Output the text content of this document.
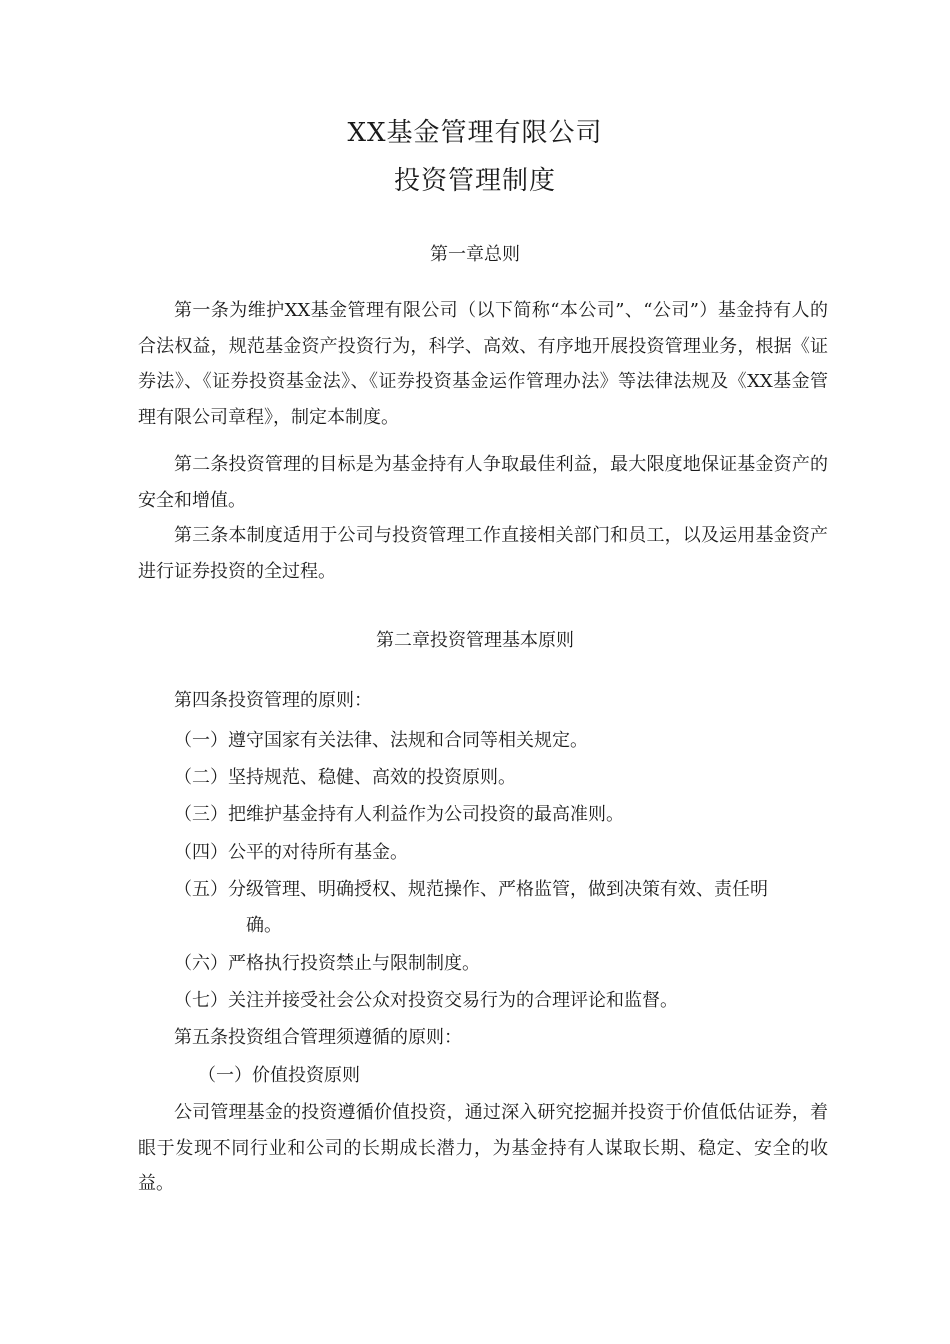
XX基金管理有限公司
投资管理制度
第一章总则

第一条为维护XX基金管理有限公司（以下简称“本公司”、“公司”）基金持有人的合法权益，规范基金资产投资行为，科学、高效、有序地开展投资管理业务，根据《证券法》、《证券投资基金法》、《证券投资基金运作管理办法》等法律法规及《XX基金管理有限公司章程》，制定本制度。

第二条投资管理的目标是为基金持有人争取最佳利益，最大限度地保证基金资产的安全和增值。

第三条本制度适用于公司与投资管理工作直接相关部门和员工，以及运用基金资产进行证券投资的全过程。

第二章投资管理基本原则
第四条投资管理的原则：
（一）遵守国家有关法律、法规和合同等相关规定。
（二）坚持规范、稳健、高效的投资原则。
（三）把维护基金持有人利益作为公司投资的最高准则。
（四）公平的对待所有基金。
（五）分级管理、明确授权、规范操作、严格监管，做到决策有效、责任明
确。
（六）严格执行投资禁止与限制制度。
（七）关注并接受社会公众对投资交易行为的合理评论和监督。
第五条投资组合管理须遵循的原则：
（一）价值投资原则

公司管理基金的投资遵循价值投资，通过深入研究挖掘并投资于价值低估证券，着眼于发现不同行业和公司的长期成长潜力，为基金持有人谋取长期、稳定、安全的收益。
